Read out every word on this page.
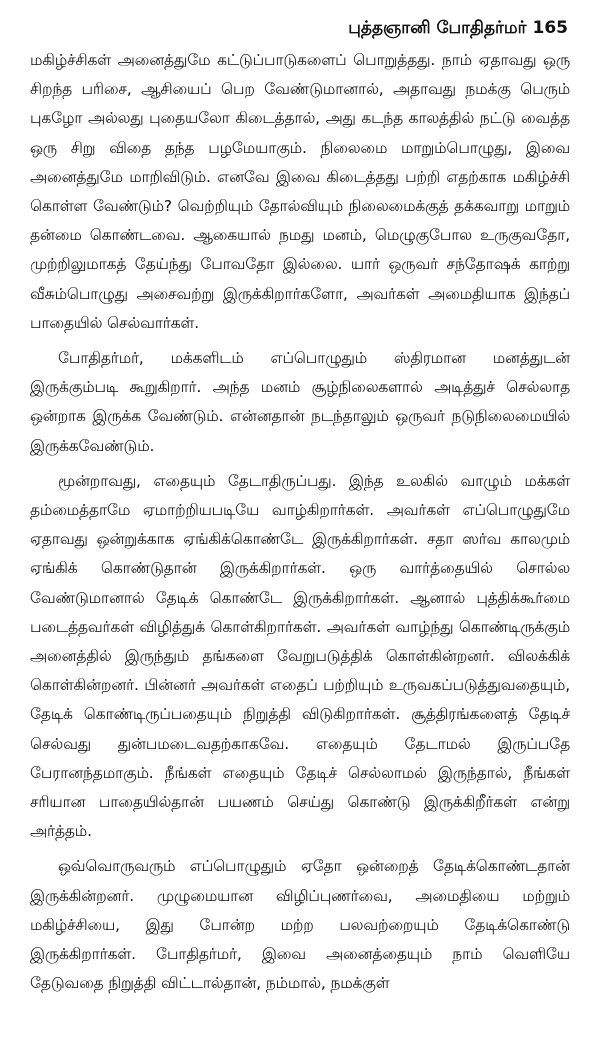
புத்தஞானி போதிதர்மர் 165

மகிழ்ச்சிகள் அனைத்துமே கட்டுப்பாடுகளைப் பொறுத்தது. நாம் ஏதாவது ஒரு சிறந்த பரிசை, ஆசியைப் பெற வேண்டுமானால், அதாவது நமக்கு பெரும் புகழோ அல்லது புதையலோ கிடைத்தால், அது கடந்த காலத்தில் நட்டு வைத்த ஒரு சிறு விதை தந்த பழமேயாகும். நிலைமை மாறும்பொழுது, இவை அனைத்துமே மாறிவிடும். எனவே இவை கிடைத்தது பற்றி எதற்காக மகிழ்ச்சி கொள்ள வேண்டும்? வெற்றியும் தோல்வியும் நிலைமைக்குத் தக்கவாறு மாறும் தன்மை கொண்டவை. ஆகையால் நமது மனம், மெழுகுபோல உருகுவதோ, முற்றிலுமாகத் தேய்ந்து போவதோ இல்லை. யார் ஒருவர் சந்தோஷக் காற்று வீசும்பொழுது அசைவற்று இருக்கிறார்களோ, அவர்கள் அமைதியாக இந்தப் பாதையில் செல்வார்கள்.

போதிதர்மர், மக்களிடம் எப்பொழுதும் ஸ்திரமான மனத்துடன் இருக்கும்படி கூறுகிறார். அந்த மனம் சூழ்நிலைகளால் அடித்துச் செல்லாத ஒன்றாக இருக்க வேண்டும். என்னதான் நடந்தாலும் ஒருவர் நடுநிலைமையில் இருக்கவேண்டும்.

மூன்றாவது, எதையும் தேடாதிருப்பது. இந்த உலகில் வாழும் மக்கள் தம்மைத்தாமே ஏமாற்றியபடியே வாழ்கிறார்கள். அவர்கள் எப்பொழுதுமே ஏதாவது ஒன்றுக்காக ஏங்கிக்கொண்டே இருக்கிறார்கள். சதா ஸர்வ காலமும் ஏங்கிக் கொண்டுதான் இருக்கிறார்கள். ஒரு வார்த்தையில் சொல்ல வேண்டுமானால் தேடிக் கொண்டே இருக்கிறார்கள். ஆனால் புத்திக்கூர்மை படைத்தவர்கள் விழித்துக் கொள்கிறார்கள். அவர்கள் வாழ்ந்து கொண்டிருக்கும் அனைத்தில் இருந்தும் தங்களை வேறுபடுத்திக் கொள்கின்றனர். விலக்கிக் கொள்கின்றனர். பின்னர் அவர்கள் எதைப் பற்றியும் உருவகப்படுத்துவதையும், தேடிக் கொண்டிருப்பதையும் நிறுத்தி விடுகிறார்கள். சூத்திரங்களைத் தேடிச் செல்வது துன்பமடைவதற்காகவே. எதையும் தேடாமல் இருப்பதே பேரானந்தமாகும். நீங்கள் எதையும் தேடிச் செல்லாமல் இருந்தால், நீங்கள் சரியான பாதையில்தான் பயணம் செய்து கொண்டு இருக்கிறீர்கள் என்று அர்த்தம்.

ஒவ்வொருவரும் எப்பொழுதும் ஏதோ ஒன்றைத் தேடிக்கொண்டதான் இருக்கின்றனர். முழுமையான விழிப்புணர்வை, அமைதியை மற்றும் மகிழ்ச்சியை, இது போன்ற மற்ற பலவற்றையும் தேடிக்கொண்டு இருக்கிறார்கள். போதிதர்மர், இவை அனைத்தையும் நாம் வெளியே தேடுவதை நிறுத்தி விட்டால்தான், நம்மால், நமக்குள்
